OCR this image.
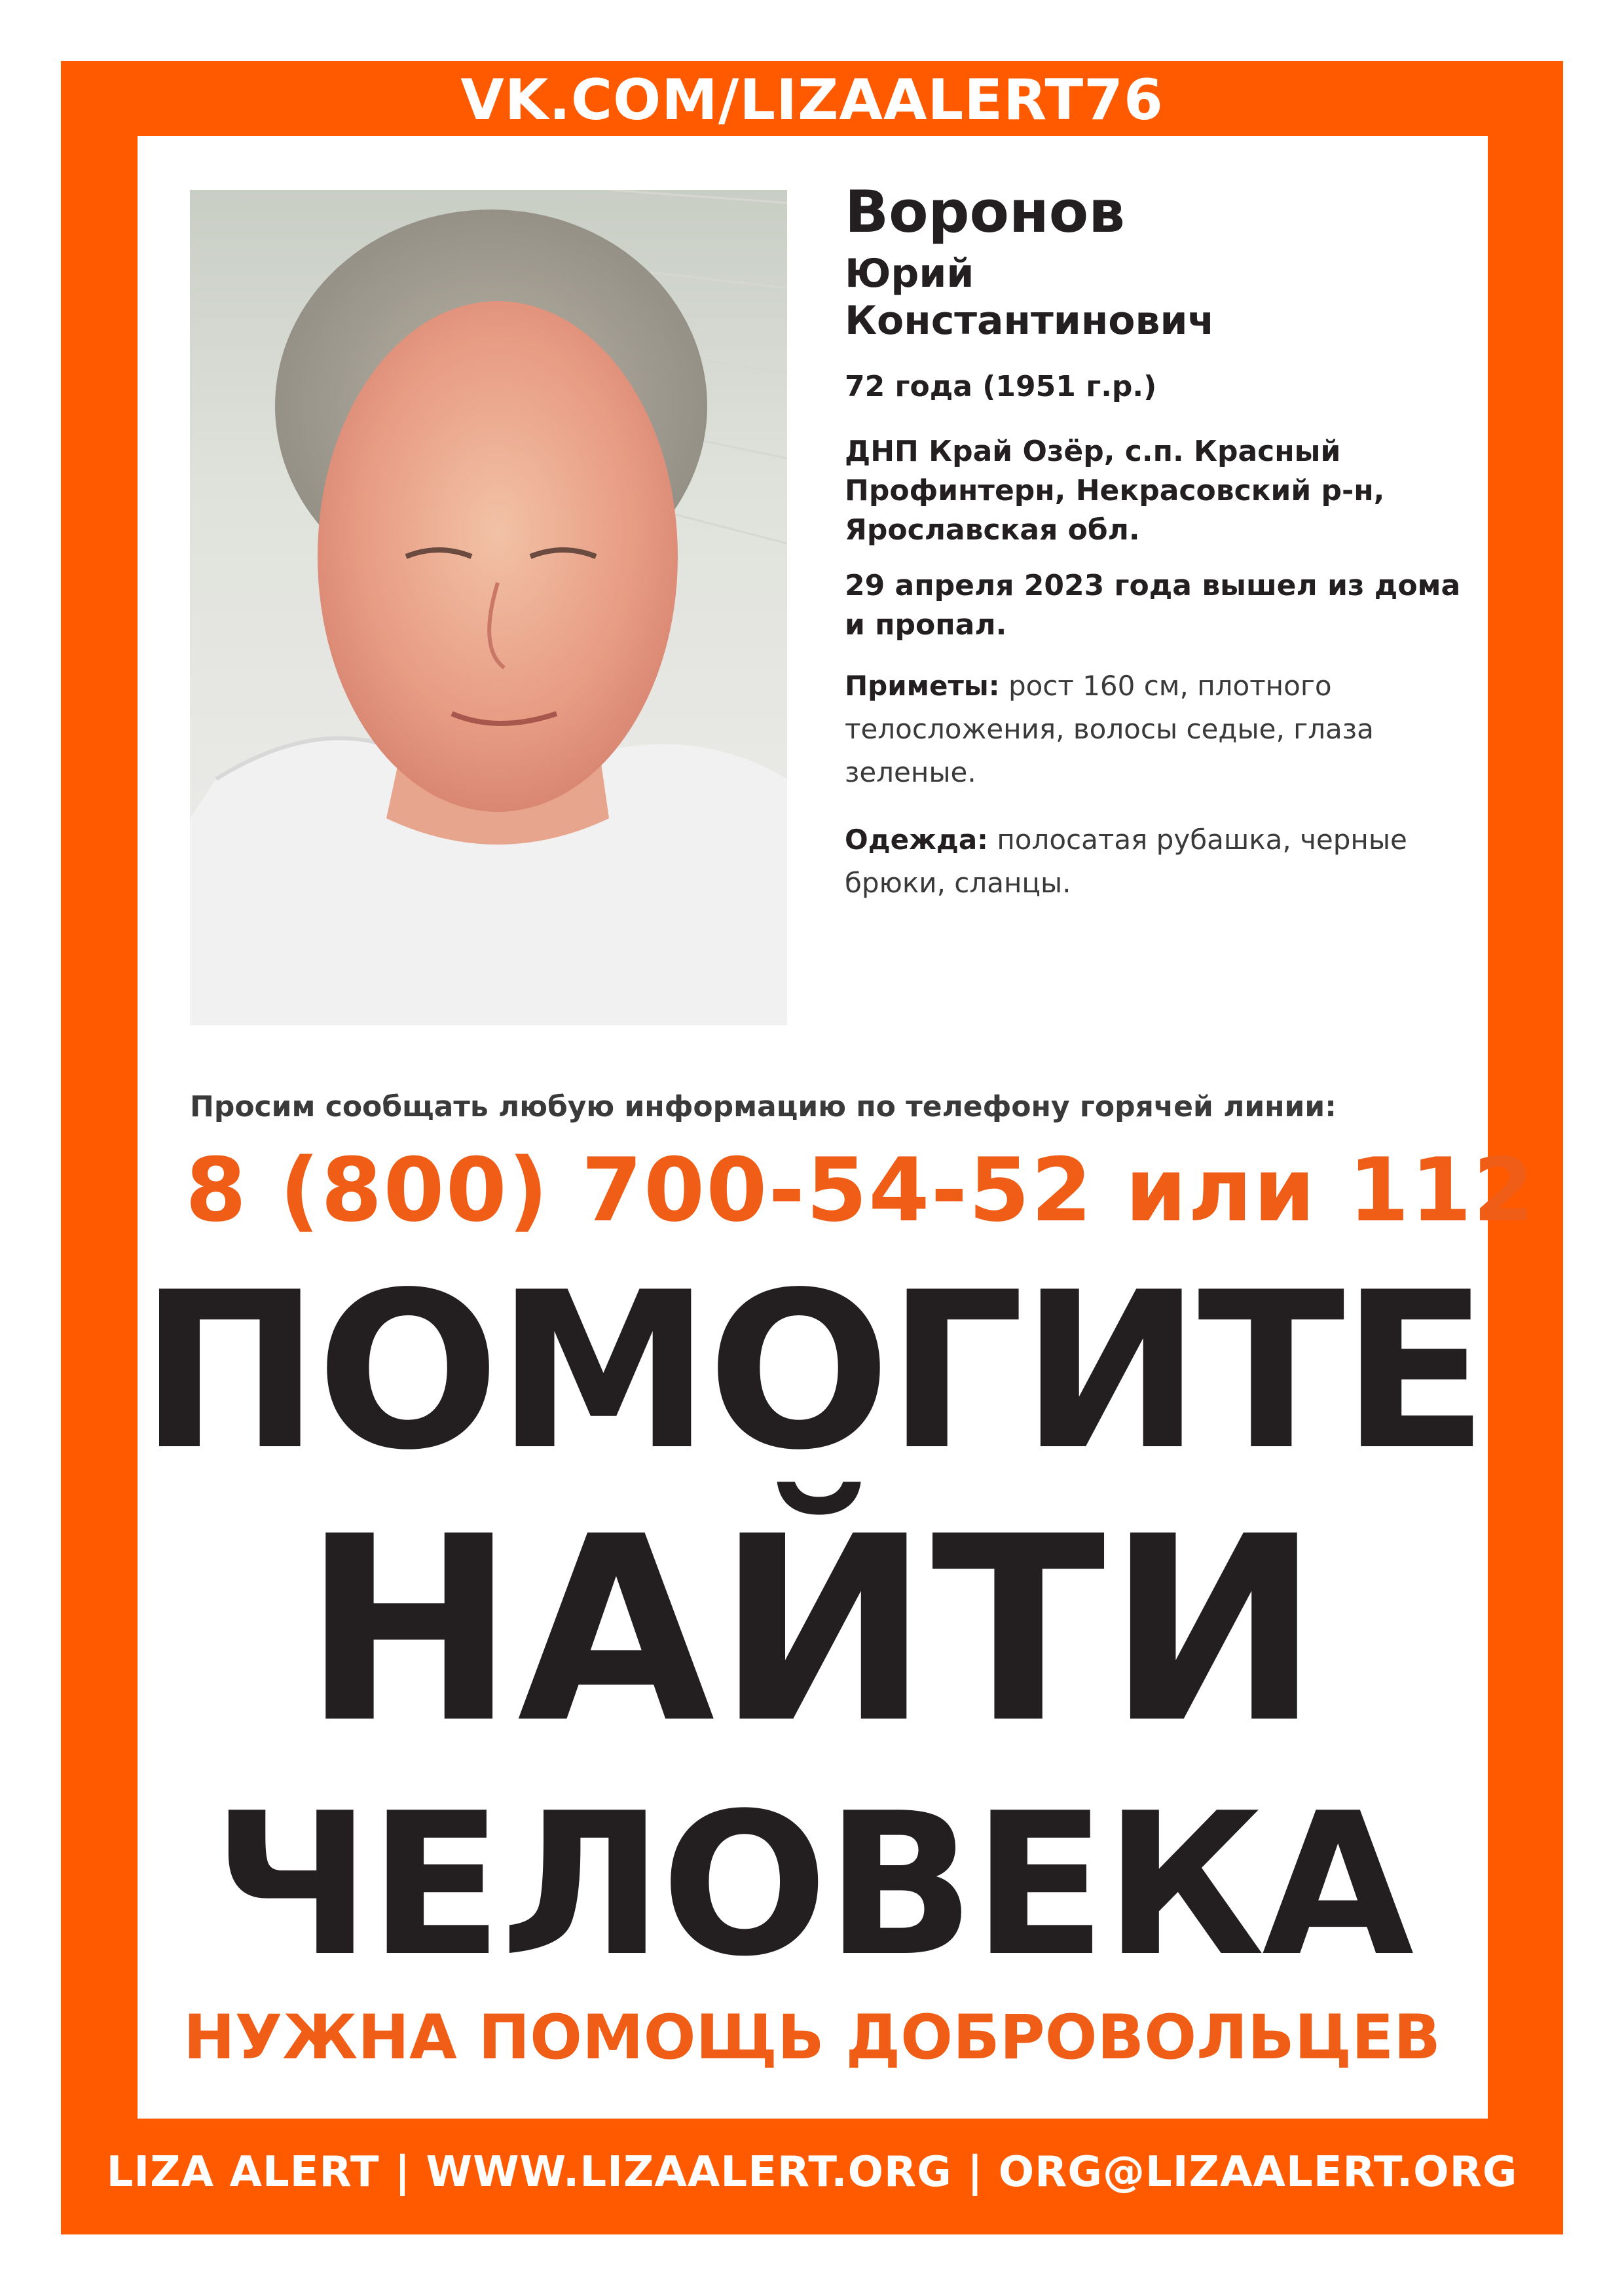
VK.COM/LIZAALERT76
Воронов
Юрий
Константинович
72 года (1951 г.р.)
ДНП Край Озёр, с.п. Красный Профинтерн, Некрасовский р-н, Ярославская обл.
29 апреля 2023 года вышел из дома и пропал.
Приметы: рост 160 см, плотного телосложения, волосы седые, глаза зеленые.
Одежда: полосатая рубашка, черные брюки, сланцы.
Просим сообщать любую информацию по телефону горячей линии:
8 (800) 700-54-52 или 112
ПОМОГИТЕ
НАЙТИ
ЧЕЛОВЕКА
НУЖНА ПОМОЩЬ ДОБРОВОЛЬЦЕВ
LIZA ALERT | WWW.LIZAALERT.ORG | ORG@LIZAALERT.ORG
